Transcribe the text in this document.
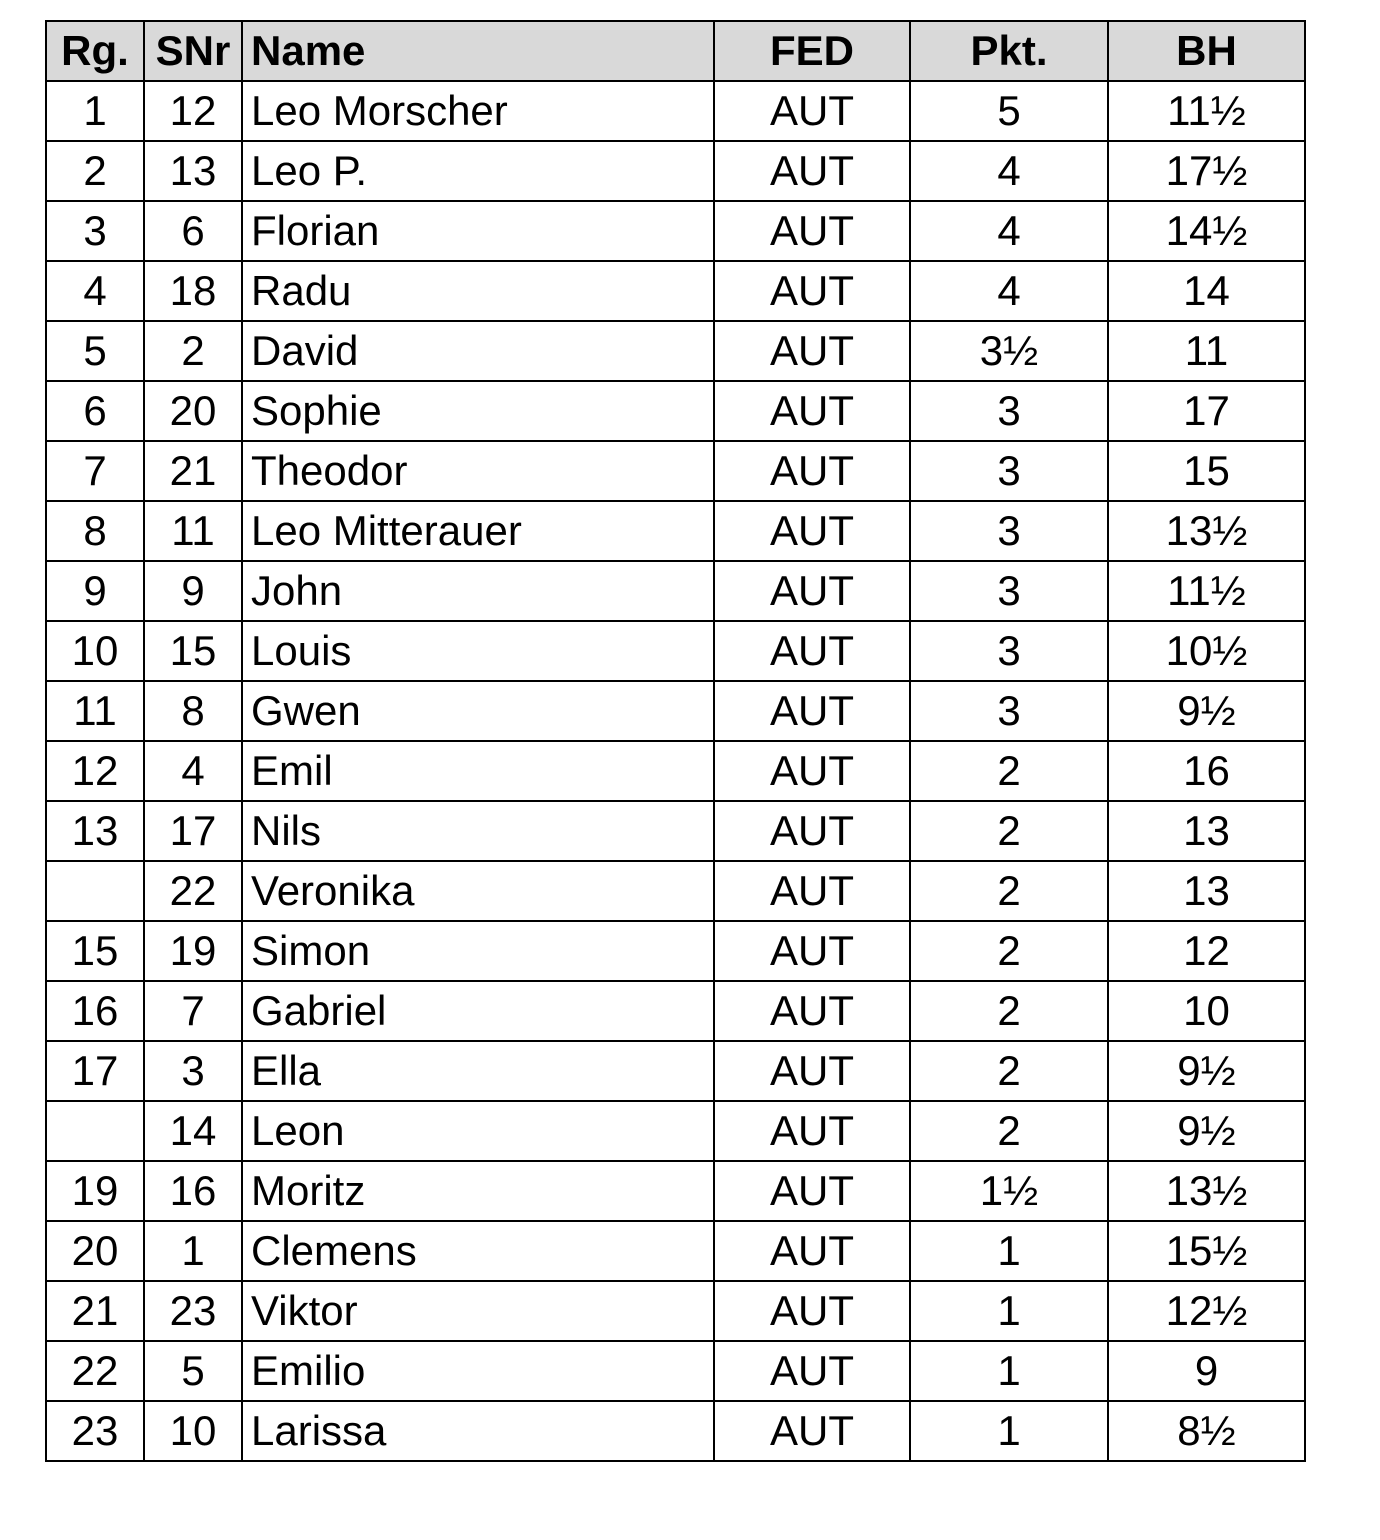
Rg.	SNr	Name	FED	Pkt.	BH
1	12	Leo Morscher	AUT	5	11½
2	13	Leo P.	AUT	4	17½
3	6	Florian	AUT	4	14½
4	18	Radu	AUT	4	14
5	2	David	AUT	3½	11
6	20	Sophie	AUT	3	17
7	21	Theodor	AUT	3	15
8	11	Leo Mitterauer	AUT	3	13½
9	9	John	AUT	3	11½
10	15	Louis	AUT	3	10½
11	8	Gwen	AUT	3	9½
12	4	Emil	AUT	2	16
13	17	Nils	AUT	2	13
	22	Veronika	AUT	2	13
15	19	Simon	AUT	2	12
16	7	Gabriel	AUT	2	10
17	3	Ella	AUT	2	9½
	14	Leon	AUT	2	9½
19	16	Moritz	AUT	1½	13½
20	1	Clemens	AUT	1	15½
21	23	Viktor	AUT	1	12½
22	5	Emilio	AUT	1	9
23	10	Larissa	AUT	1	8½
